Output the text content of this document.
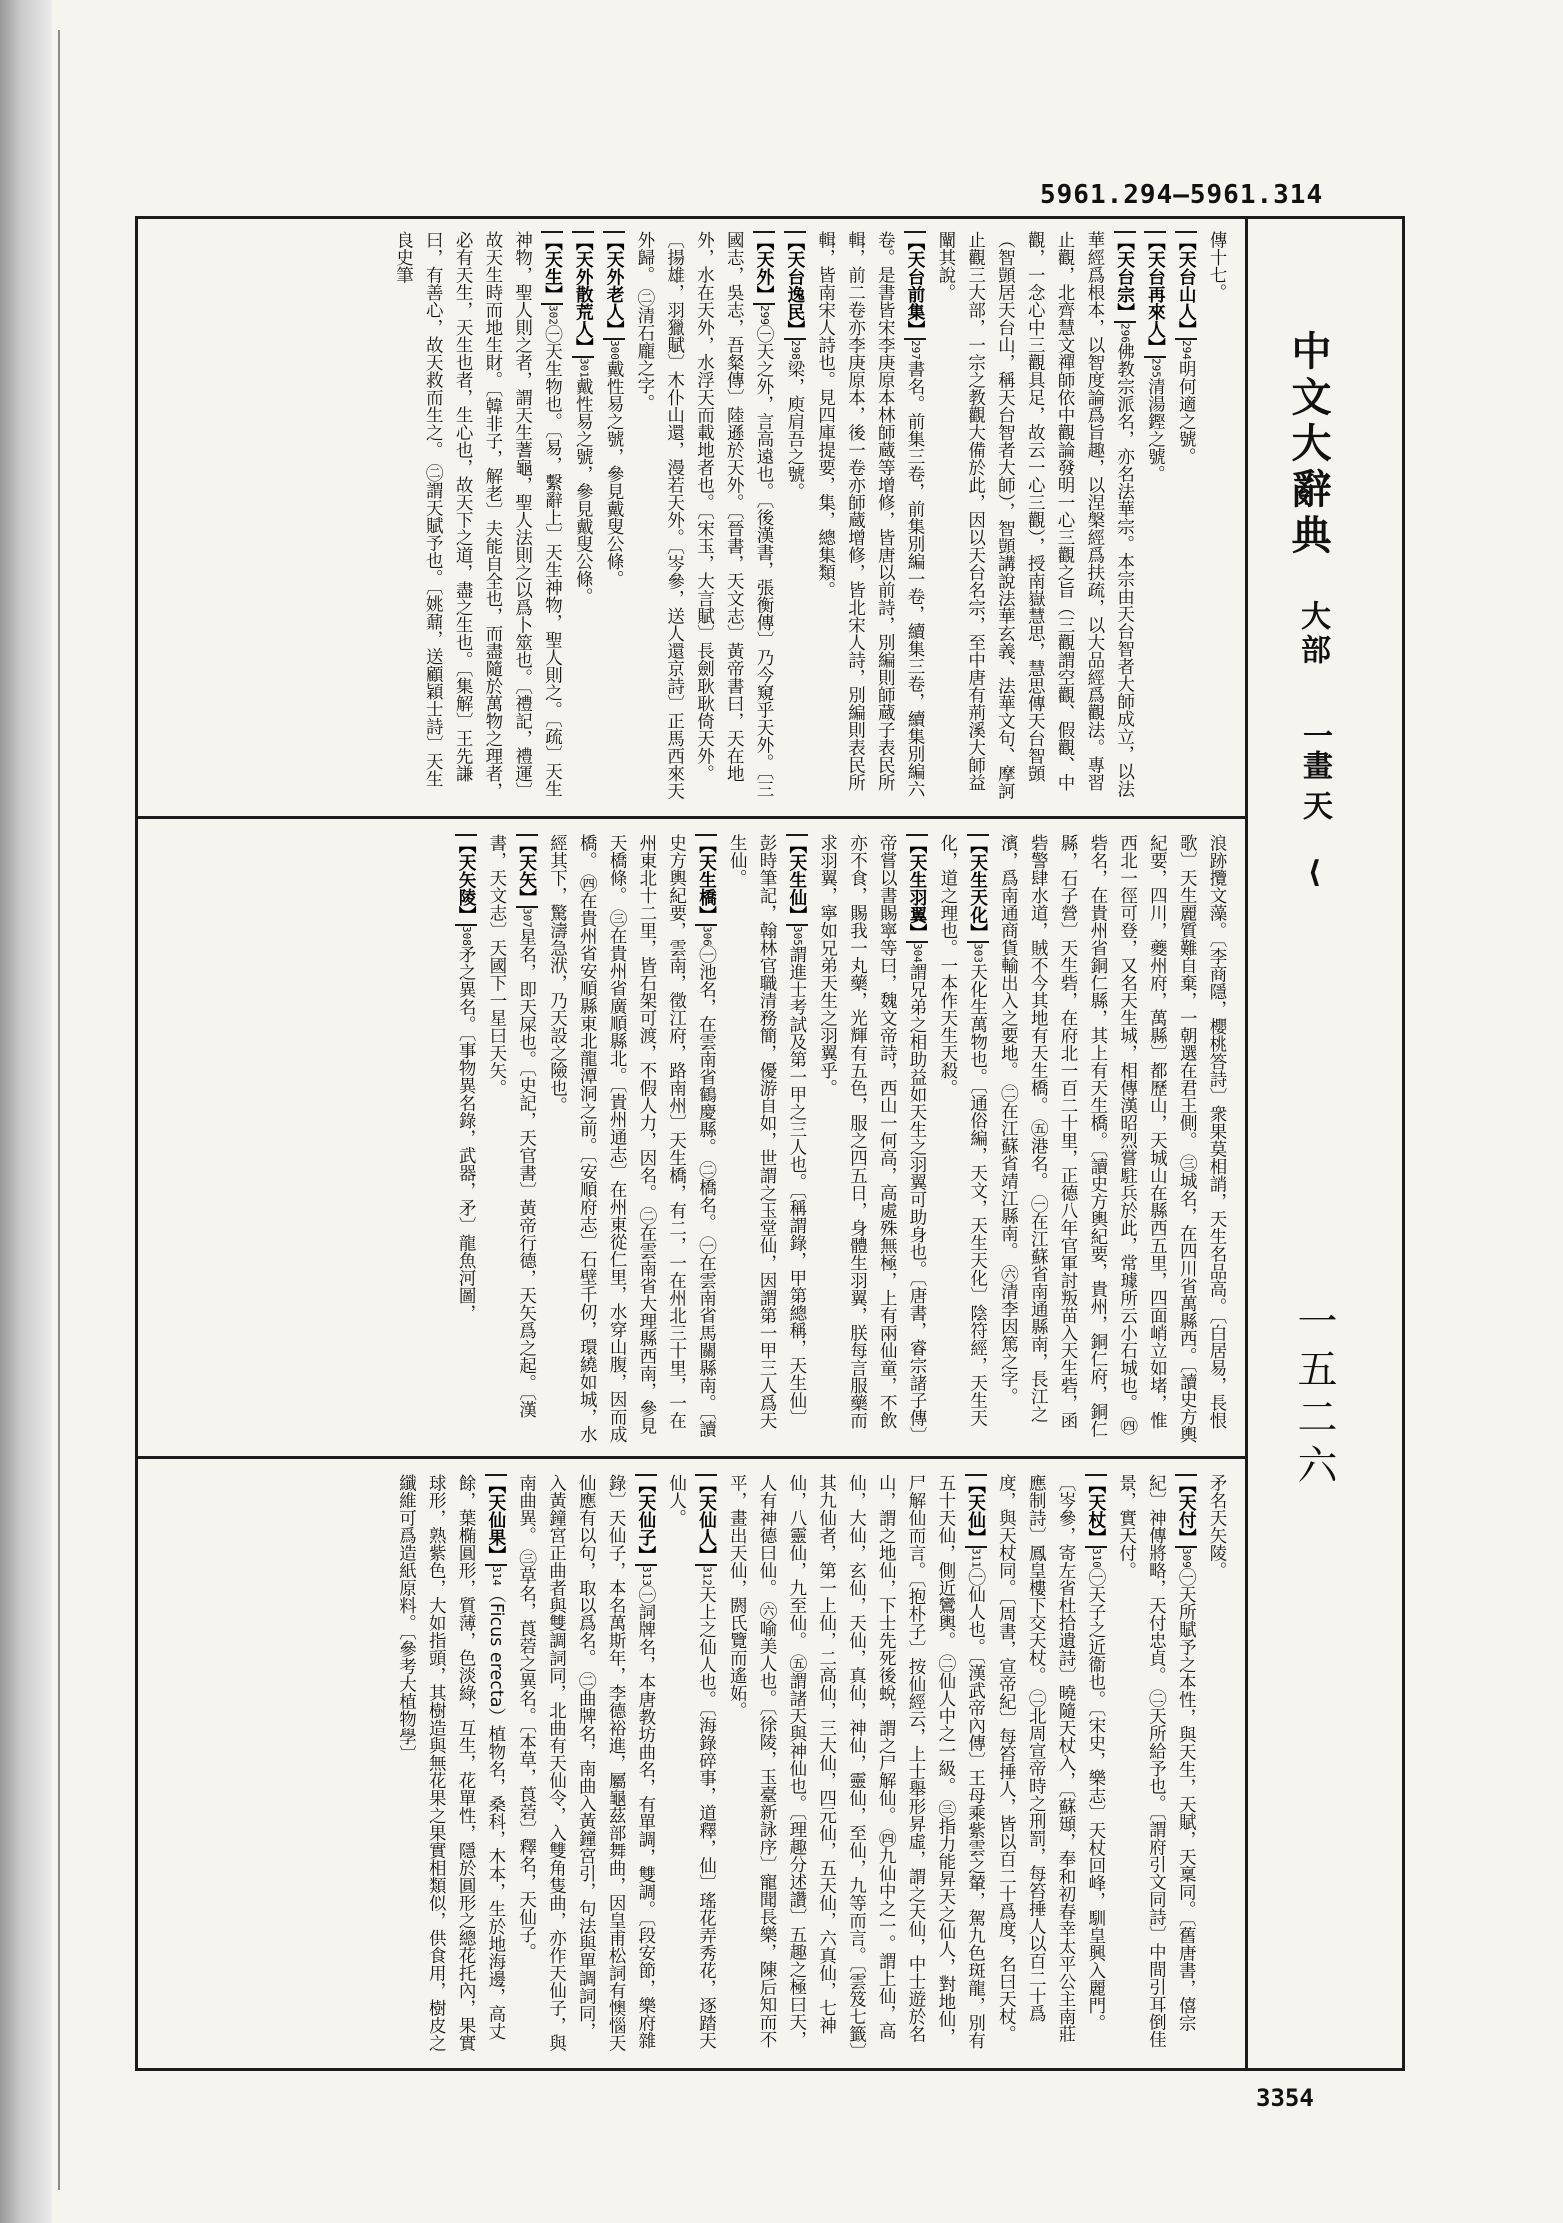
5961.294—5961.314
中文大辭典
大部
一畫
天 ⟨
一五二六
傳十七。
【天台山人】294明何適之號。
【天台再來人】295清湯鏗之號。
【天台宗】296佛教宗派名，亦名法華宗。本宗由天台智者大師成立，以法華經爲根本，以智度論爲旨趣，以涅槃經爲扶疏，以大品經爲觀法。專習止觀，北齊慧文禪師依中觀論發明一心三觀之旨（三觀謂空觀、假觀、中觀，一念心中三觀具足，故云一心三觀），授南嶽慧思，慧思傳天台智顗（智顗居天台山，稱天台智者大師），智顗講說法華玄義、法華文句、摩訶止觀三大部，一宗之教觀大備於此，因以天台名宗，至中唐有荊溪大師益闡其說。
【天台前集】297書名。前集三卷，前集別編一卷，續集三卷，續集別編六卷。是書皆宋李庚原本林師蔵等增修，皆唐以前詩，別編則師蔵子表民所輯，前二卷亦李庚原本，後一卷亦師蔵增修，皆北宋人詩，別編則表民所輯，皆南宋人詩也。見四庫提要，集，總集類。
【天台逸民】298梁，庾肩吾之號。
【天外】299㊀天之外，言高遠也。〔後漢書，張衡傳〕乃今窺乎天外。〔三國志，吳志，吾粲傳〕陸遜於天外。〔晉書，天文志〕黃帝書曰，天在地外，水在天外，水浮天而載地者也。〔宋玉，大言賦〕長劍耿耿倚天外。〔揚雄，羽獵賦〕木仆山還，漫若天外。〔岑參，送人還京詩〕正馬西來天外歸。 ㊁清石龐之字。
【天外老人】300戴性易之號，參見戴叟公條。
【天外散荒人】301戴性易之號，參見戴叟公條。
【天生】302㊀天生物也。〔易，繫辭上〕天生神物，聖人則之。〔疏〕天生神物，聖人則之者，謂天生蓍龜，聖人法則之以爲卜筮也。〔禮記，禮運〕故天生時而地生財。〔韓非子，解老〕夫能自全也，而盡隨於萬物之理者，必有天生，天生也者，生心也，故天下之道，盡之生也。〔集解〕王先謙曰，有善心，故天救而生之。 ㊁謂天賦予也。〔姚鼐，送顧穎士詩〕天生良史筆
浪跡攬文藻。〔李商隱，櫻桃答詩〕衆果莫相誚，天生名品高。〔白居易，長恨歌〕天生麗質難自棄，一朝選在君王側。 ㊂城名，在四川省萬縣西。〔讀史方輿紀要，四川，夔州府，萬縣〕都歷山，天城山在縣西五里，四面峭立如堵，惟西北一徑可登，又名天生城，相傳漢昭烈嘗駐兵於此，常璩所云小石城也。 ㊃砦名，在貴州省銅仁縣，其上有天生橋。〔讀史方輿紀要，貴州，銅仁府，銅仁縣，石子營〕天生砦，在府北一百二十里，正德八年官軍討叛苗入天生砦，函砦警肆水道，賊不今其地有天生橋。 ㊄港名。 ㊀在江蘇省南通縣南，長江之濱，爲南通商貨輸出入之要地。 ㊁在江蘇省靖江縣南。 ㊅清李因篤之字。
【天生天化】303天化生萬物也。〔通俗編，天文，天生天化〕陰符經，天生天化，道之理也。一本作天生天殺。
【天生羽翼】304謂兄弟之相助益如天生之羽翼可助身也。〔唐書，睿宗諸子傳〕帝嘗以書賜寧等曰，魏文帝詩，西山一何高，高處殊無極，上有兩仙童，不飲亦不食，賜我一丸藥，光輝有五色，服之四五日，身體生羽翼，朕每言服藥而求羽翼，寧如兄弟天生之羽翼乎。
【天生仙】305謂進士考試及第一甲之三人也。〔稱謂錄，甲第總稱，天生仙〕彭時筆記，翰林官職清務簡，優游自如，世謂之玉堂仙，因謂第一甲三人爲天生仙。
【天生橋】306㊀池名，在雲南省鶴慶縣。 ㊁橋名。 ㊀在雲南省馬關縣南。〔讀史方輿紀要，雲南，徵江府，路南州〕天生橋，有二，一在州北三十里，一在州東北十二里，皆石架可渡，不假人力，因名。 ㊁在雲南省大理縣西南，參見天橋條。 ㊂在貴州省廣順縣北。〔貴州通志〕在州東從仁里，水穿山腹，因而成橋。 ㊃在貴州省安順縣東北龍潭洞之前。〔安順府志〕石壁千仞，環繞如城，水經其下，驚濤急洑，乃天設之險也。
【天矢】307星名，即天屎也。〔史記，天官書〕黃帝行德，天矢爲之起。〔漢書，天文志〕天國下一星曰天矢。
【天矢陵】308矛之異名。〔事物異名錄，武器，矛〕龍魚河圖，
矛名天矢陵。
【天付】309㊀天所賦予之本性，與天生，天賦，天稟同。〔舊唐書，僖宗紀〕神傳將略，天付忠貞。 ㊁天所給予也。〔謂府引文同詩〕中間引耳倒佳景，實天付。
【天杖】310㊀天子之近衞也。〔宋史，樂志〕天杖回峰，馴皇興入麗門。〔岑參，寄左省杜拾遺詩〕曉隨天杖入，〔蘇頲，奉和初春幸太平公主南莊應制詩〕鳳皇樓下交天杖。 ㊁北周宣帝時之刑罰，每笞捶人以百二十爲度，與天杖同。〔周書，宣帝紀〕每笞捶人，皆以百二十爲度，名曰天杖。
【天仙】311㊀仙人也。〔漢武帝內傳〕王母乘紫雲之輦，駕九色斑龍，別有五十天仙，側近鸞輿。 ㊁仙人中之一級。 ㊂指力能昇天之仙人，對地仙，尸解仙而言。〔抱朴子〕按仙經云，上士舉形昇虛，謂之天仙，中士遊於名山，謂之地仙，下士先死後蛻，謂之尸解仙。 ㊃九仙中之一。謂上仙，高仙，大仙，玄仙，天仙，真仙，神仙，靈仙，至仙，九等而言。〔雲笈七籤〕其九仙者，第一上仙，二高仙，三大仙，四元仙，五天仙，六真仙，七神仙，八靈仙，九至仙。 ㊄謂諸天與神仙也。〔理趣分述讚〕五趣之極曰天，人有神德曰仙。 ㊅喻美人也。〔徐陵，玉臺新詠序〕寵聞長樂，陳后知而不平，畫出天仙，閼氏覽而遙妬。
【天仙人】312天上之仙人也。〔海錄碎事，道釋，仙〕瑤花弄秀花，逐踏天仙人。
【天仙子】313㊀詞牌名，本唐教坊曲名，有單調，雙調。〔段安節，樂府雜錄〕天仙子，本名萬斯年，李德裕進，屬龜茲部舞曲，因皇甫松詞有懊惱天仙應有以句，取以爲名。 ㊁曲牌名，南曲入黃鐘宮引，句法與單調詞同，入黃鐘宮正曲者與雙調詞同，北曲有天仙令，入雙角隻曲，亦作天仙子，與南曲異。 ㊂草名，莨菪之異名。〔本草，莨菪〕釋名，天仙子。
【天仙果】314（Ficus erecta）植物名，桑科，木本，生於地海邊，高丈餘，葉椭圓形，質薄，色淡綠，互生，花單性，隱於圓形之總花托內，果實球形，熟紫色，大如指頭，其樹造與無花果之果實相類似，供食用，樹皮之纖維可爲造紙原料。〔參考大植物學〕
3354
